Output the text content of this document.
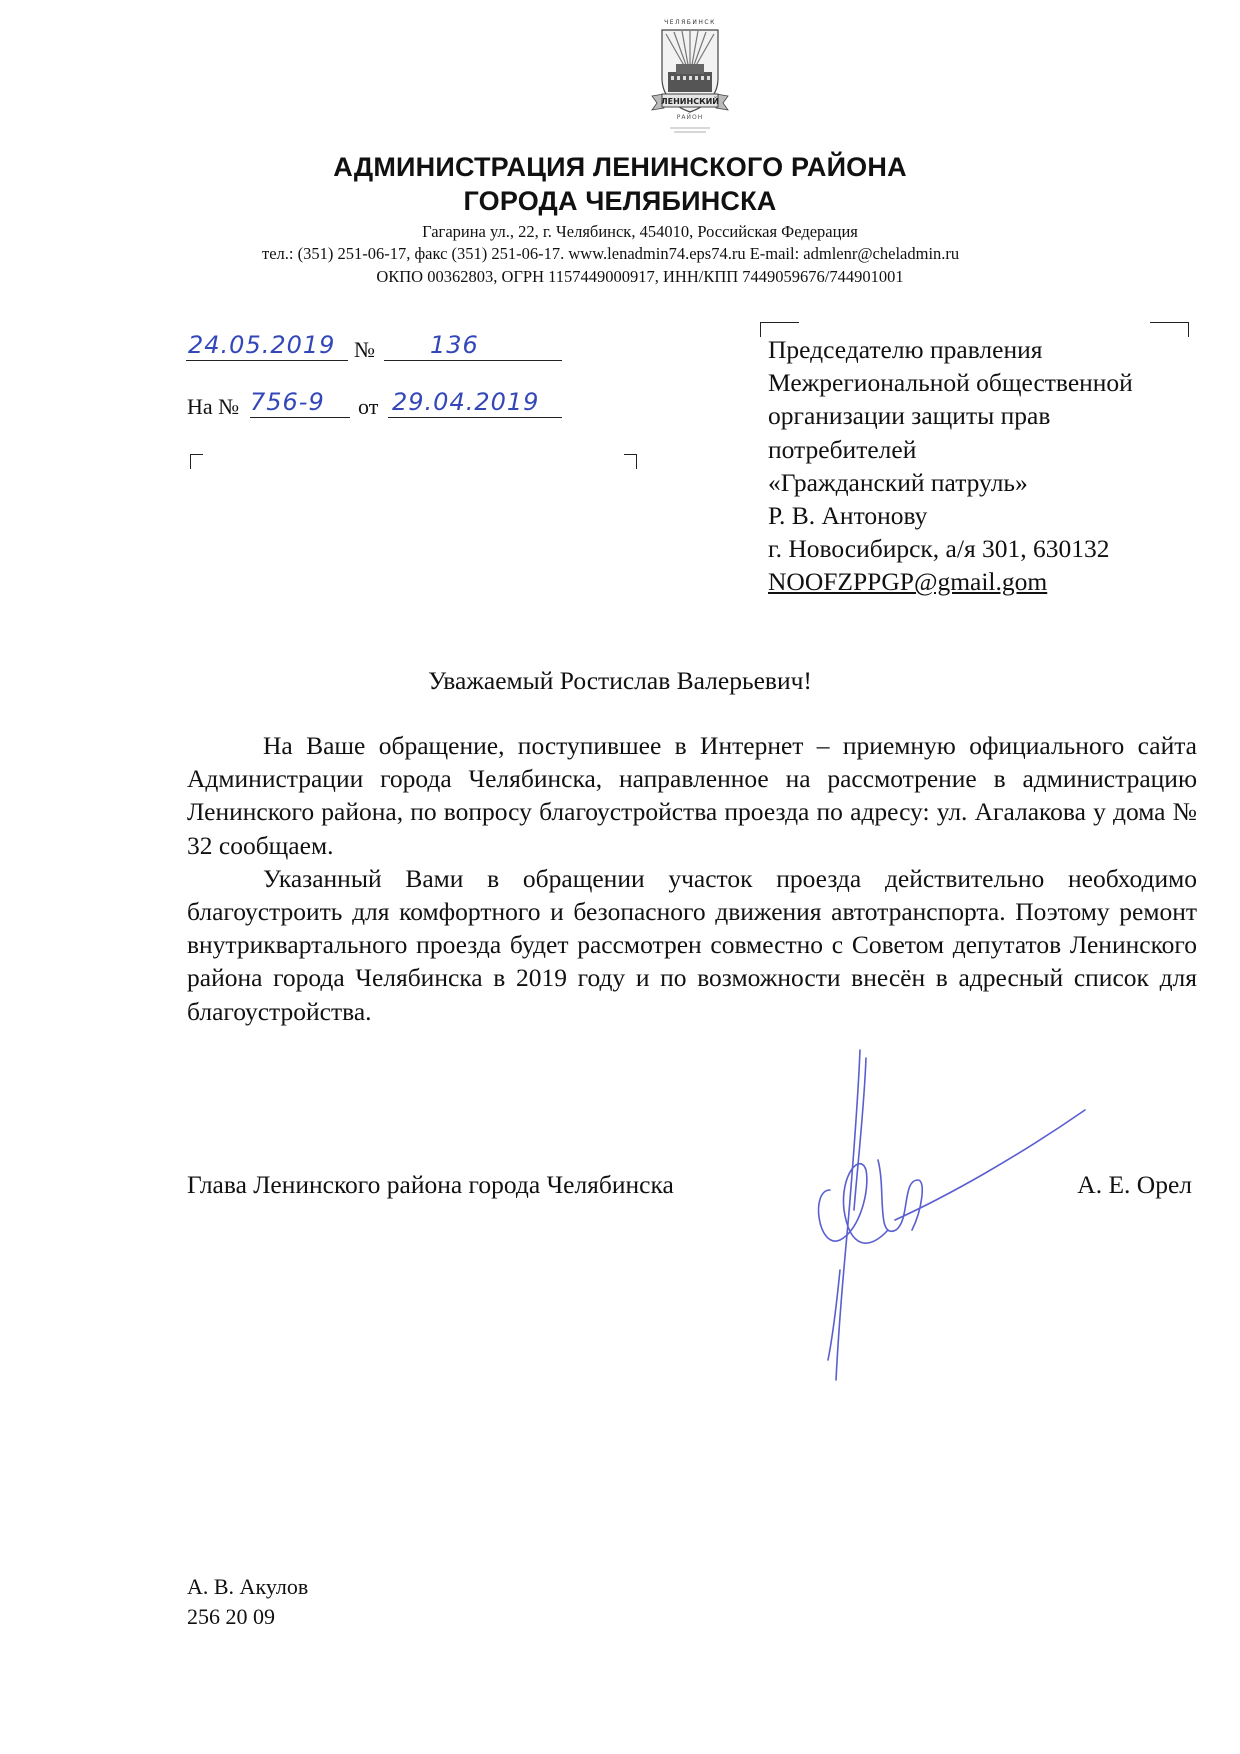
ЧЕЛЯБИНСК
ЛЕНИНСКИЙ
РАЙОН
АДМИНИСТРАЦИЯ ЛЕНИНСКОГО РАЙОНА
ГОРОДА ЧЕЛЯБИНСКА
Гагарина ул., 22, г. Челябинск, 454010, Российская Федерация
тел.: (351) 251-06-17, факс (351) 251-06-17. www.lenadmin74.eps74.ru E-mail: admlenr@cheladmin.ru
ОКПО 00362803, ОГРН 1157449000917, ИНН/КПП 7449059676/744901001
24.05.2019 № 136
На № 756-9 от 29.04.2019
Председателю правления
Межрегиональной общественной
организации защиты прав
потребителей
«Гражданский патруль»
Р. В. Антонову
г. Новосибирск, а/я 301, 630132
NOOFZPPGP@gmail.gom
Уважаемый Ростислав Валерьевич!

На Ваше обращение, поступившее в Интернет – приемную официального сайта Администрации города Челябинска, направленное на рассмотрение в администрацию Ленинского района, по вопросу благоустройства проезда по адресу: ул. Агалакова у дома № 32 сообщаем.

Указанный Вами в обращении участок проезда действительно необходимо благоустроить для комфортного и безопасного движения автотранспорта. Поэтому ремонт внутриквартального проезда будет рассмотрен совместно с Советом депутатов Ленинского района города Челябинска в 2019 году и по возможности внесён в адресный список для благоустройства.

Глава Ленинского района города Челябинска	А. Е. Орел
А. В. Акулов
256 20 09
